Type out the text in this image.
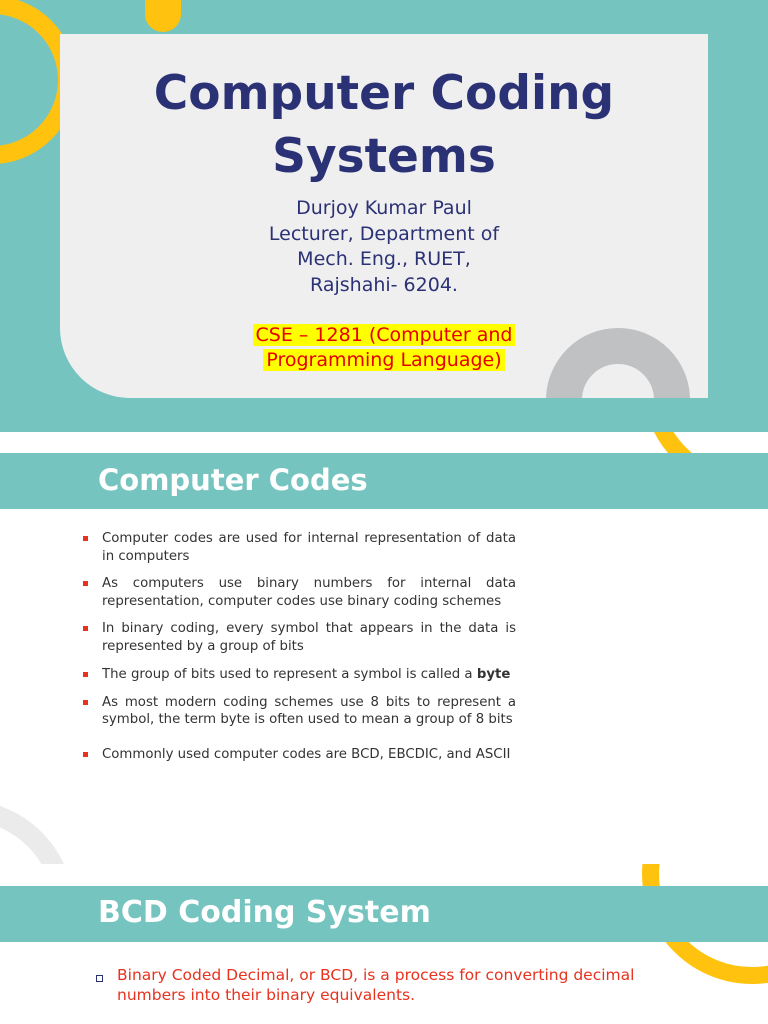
Computer Coding
Systems
Durjoy Kumar Paul
Lecturer, Department of
Mech. Eng., RUET,
Rajshahi- 6204.
CSE – 1281 (Computer and
Programming Language)
Computer Codes
Computer codes are used for internal representation of data in computers
As computers use binary numbers for internal data representation, computer codes use binary coding schemes
In binary coding, every symbol that appears in the data is represented by a group of bits
The group of bits used to represent a symbol is called a byte
As most modern coding schemes use 8 bits to represent a symbol, the term byte is often used to mean a group of 8 bits
Commonly used computer codes are BCD, EBCDIC, and ASCII
BCD Coding System

Binary Coded Decimal, or BCD, is a process for converting decimal numbers into their binary equivalents.
